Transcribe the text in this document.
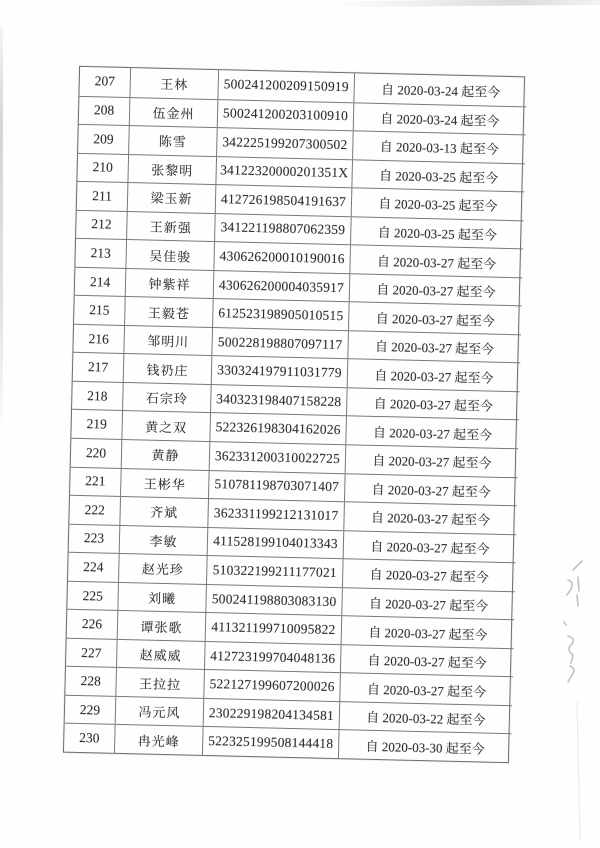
207	王林	500241200209150919	自 2020-03-24 起至今
208	伍金州	500241200203100910	自 2020-03-24 起至今
209	陈雪	342225199207300502	自 2020-03-13 起至今
210	张黎明	34122320000201351X	自 2020-03-25 起至今
211	梁玉新	412726198504191637	自 2020-03-25 起至今
212	王新强	341221198807062359	自 2020-03-25 起至今
213	吴佳骏	430626200010190016	自 2020-03-27 起至今
214	钟紫祥	430626200004035917	自 2020-03-27 起至今
215	王毅苍	612523198905010515	自 2020-03-27 起至今
216	邹明川	500228198807097117	自 2020-03-27 起至今
217	钱礽庄	330324197911031779	自 2020-03-27 起至今
218	石宗玲	340323198407158228	自 2020-03-27 起至今
219	黄之双	522326198304162026	自 2020-03-27 起至今
220	黄静	362331200310022725	自 2020-03-27 起至今
221	王彬华	510781198703071407	自 2020-03-27 起至今
222	齐斌	362331199212131017	自 2020-03-27 起至今
223	李敏	411528199104013343	自 2020-03-27 起至今
224	赵光珍	510322199211177021	自 2020-03-27 起至今
225	刘曦	500241198803083130	自 2020-03-27 起至今
226	谭张歌	411321199710095822	自 2020-03-27 起至今
227	赵威威	412723199704048136	自 2020-03-27 起至今
228	王拉拉	522127199607200026	自 2020-03-27 起至今
229	冯元风	230229198204134581	自 2020-03-22 起至今
230	冉光峰	522325199508144418	自 2020-03-30 起至今
